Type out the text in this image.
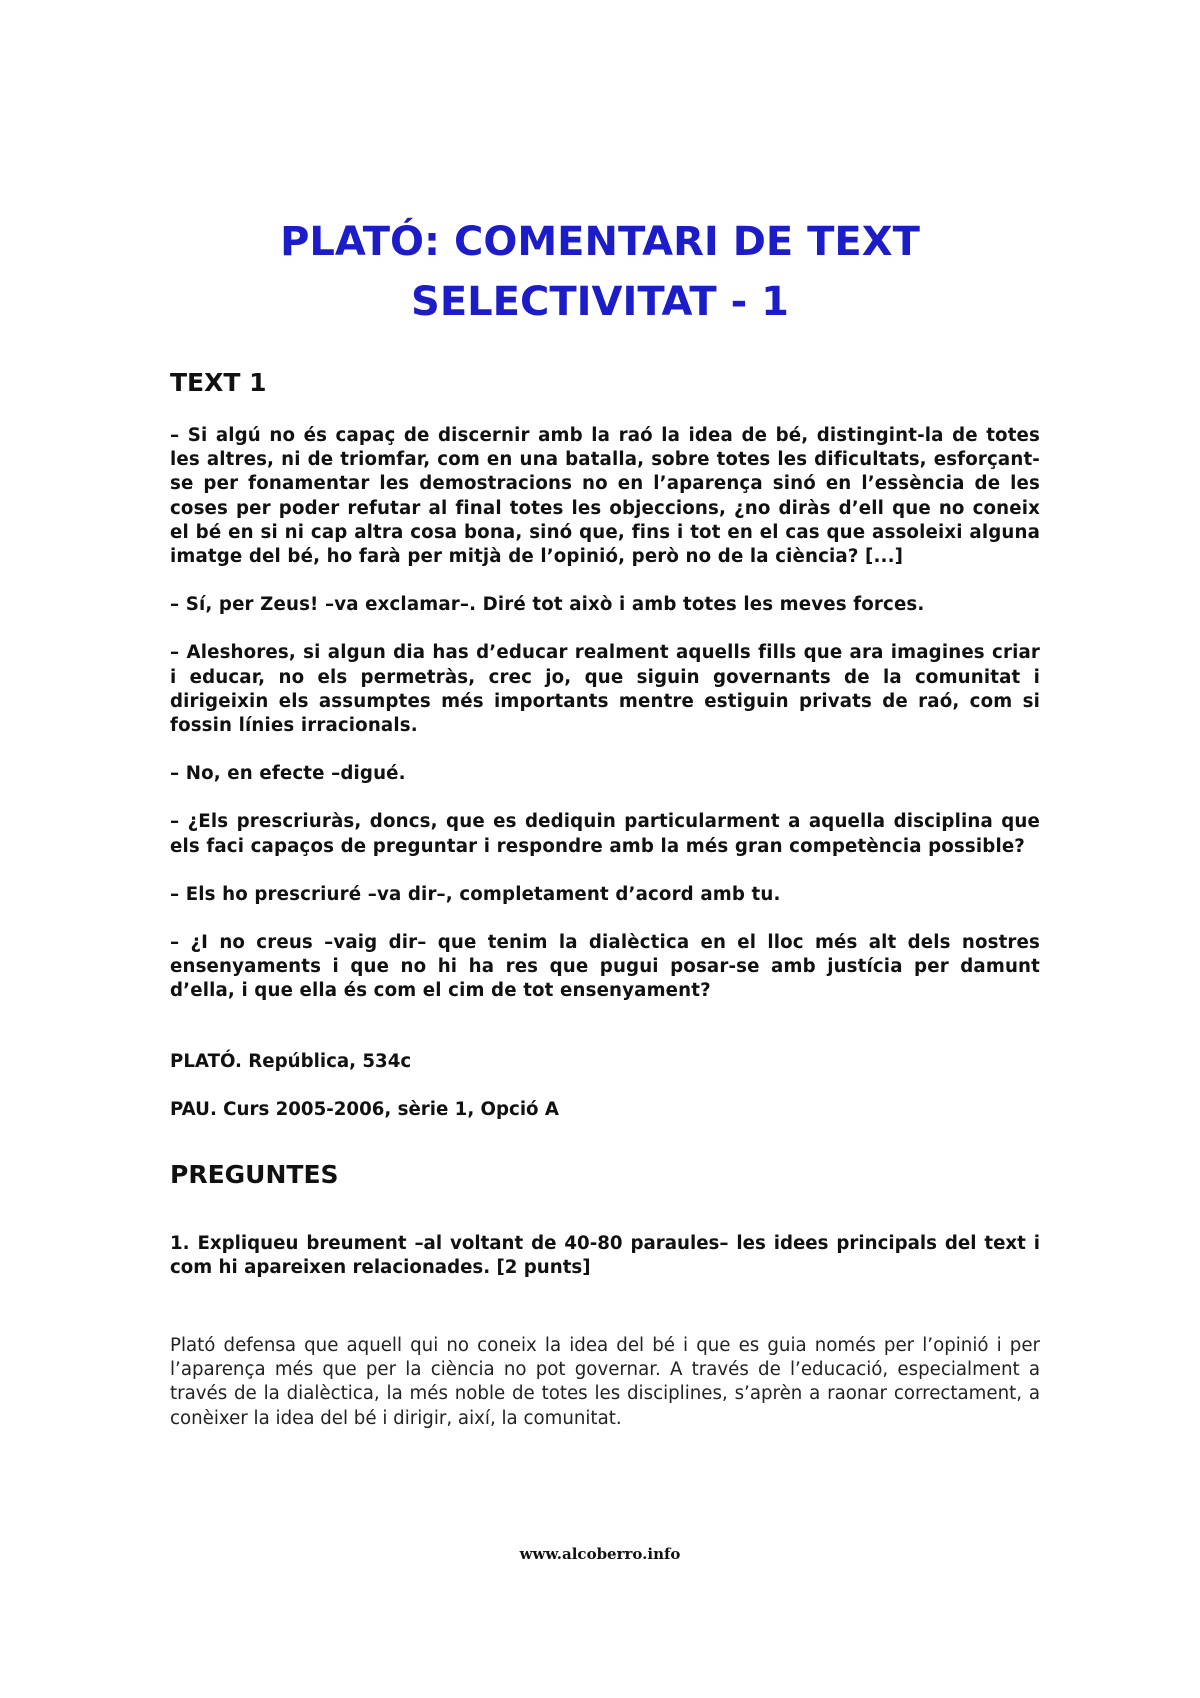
PLATÓ: COMENTARI DE TEXT
SELECTIVITAT - 1
TEXT 1

– Si algú no és capaç de discernir amb la raó la idea de bé, distingint-la de totes les altres, ni de triomfar, com en una batalla, sobre totes les dificultats, esforçant-se per fonamentar les demostracions no en l’aparença sinó en l’essència de les coses per poder refutar al final totes les objeccions, ¿no diràs d’ell que no coneix el bé en si ni cap altra cosa bona, sinó que, fins i tot en el cas que assoleixi alguna imatge del bé, ho farà per mitjà de l’opinió, però no de la ciència? [...]

– Sí, per Zeus! –va exclamar–. Diré tot això i amb totes les meves forces.

– Aleshores, si algun dia has d’educar realment aquells fills que ara imagines criar i educar, no els permetràs, crec jo, que siguin governants de la comunitat i dirigeixin els assumptes més importants mentre estiguin privats de raó, com si fossin línies irracionals.

– No, en efecte –digué.

– ¿Els prescriuràs, doncs, que es dediquin particularment a aquella disciplina que els faci capaços de preguntar i respondre amb la més gran competència possible?

– Els ho prescriuré –va dir–, completament d’acord amb tu.

– ¿I no creus –vaig dir– que tenim la dialèctica en el lloc més alt dels nostres ensenyaments i que no hi ha res que pugui posar-se amb justícia per damunt d’ella, i que ella és com el cim de tot ensenyament?

PLATÓ. República, 534c

PAU. Curs 2005-2006, sèrie 1, Opció A

PREGUNTES

1. Expliqueu breument –al voltant de 40-80 paraules– les idees principals del text i com hi apareixen relacionades. [2 punts]

Plató defensa que aquell qui no coneix la idea del bé i que es guia només per l’opinió i per l’aparença més que per la ciència no pot governar. A través de l’educació, especialment a través de la dialèctica, la més noble de totes les disciplines, s’aprèn a raonar correctament, a conèixer la idea del bé i dirigir, així, la comunitat.

www.alcoberro.info
